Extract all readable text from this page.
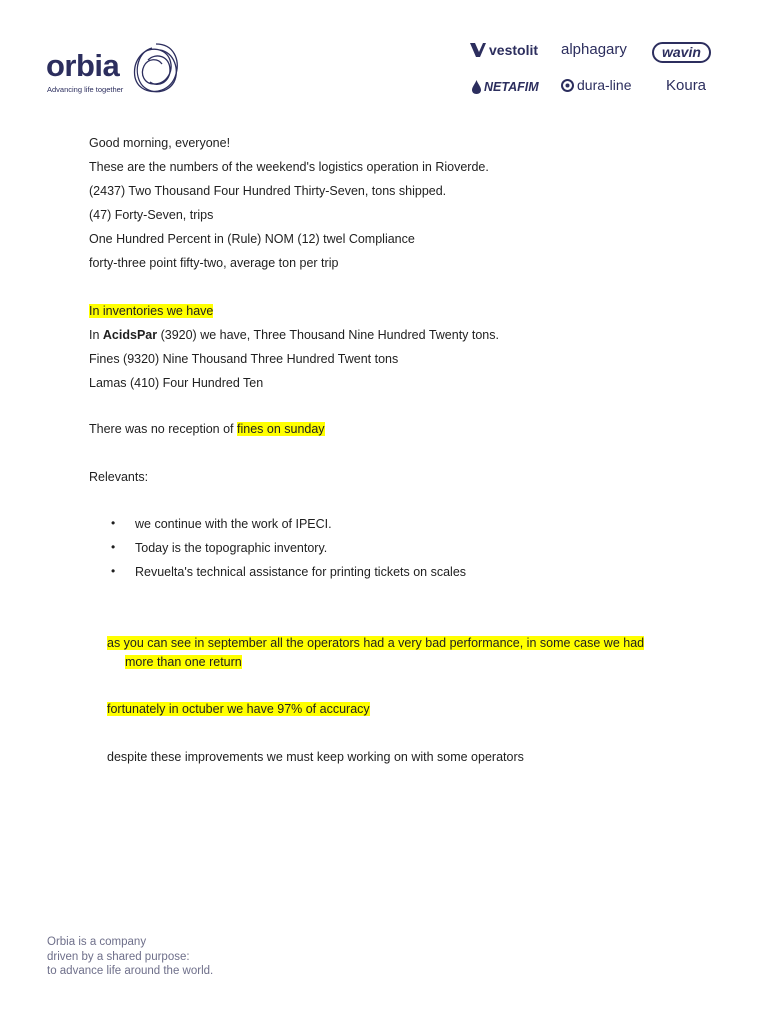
orbia
Advancing life together
vestolit alphagary	wavin
NETAFIM	dura-line Koura
Good morning, everyone!
These are the numbers of the weekend's logistics operation in Rioverde.
(2437) Two Thousand Four Hundred Thirty-Seven, tons shipped.
(47) Forty-Seven, trips
One Hundred Percent in (Rule) NOM (12) twel Compliance
forty-three point fifty-two, average ton per trip
In inventories we have
In AcidsPar (3920) we have, Three Thousand Nine Hundred Twenty tons.
Fines (9320) Nine Thousand Three Hundred Twent tons
Lamas (410) Four Hundred Ten
There was no reception of fines on sunday
Relevants:
• we continue with the work of IPECI.
• Today is the topographic inventory.
• Revuelta's technical assistance for printing tickets on scales
as you can see in september all the operators had a very bad performance, in some case we had
more than one return
fortunately in octuber we have 97% of accuracy
despite these improvements we must keep working on with some operators
Orbia is a company
driven by a shared purpose:
to advance life around the world.
